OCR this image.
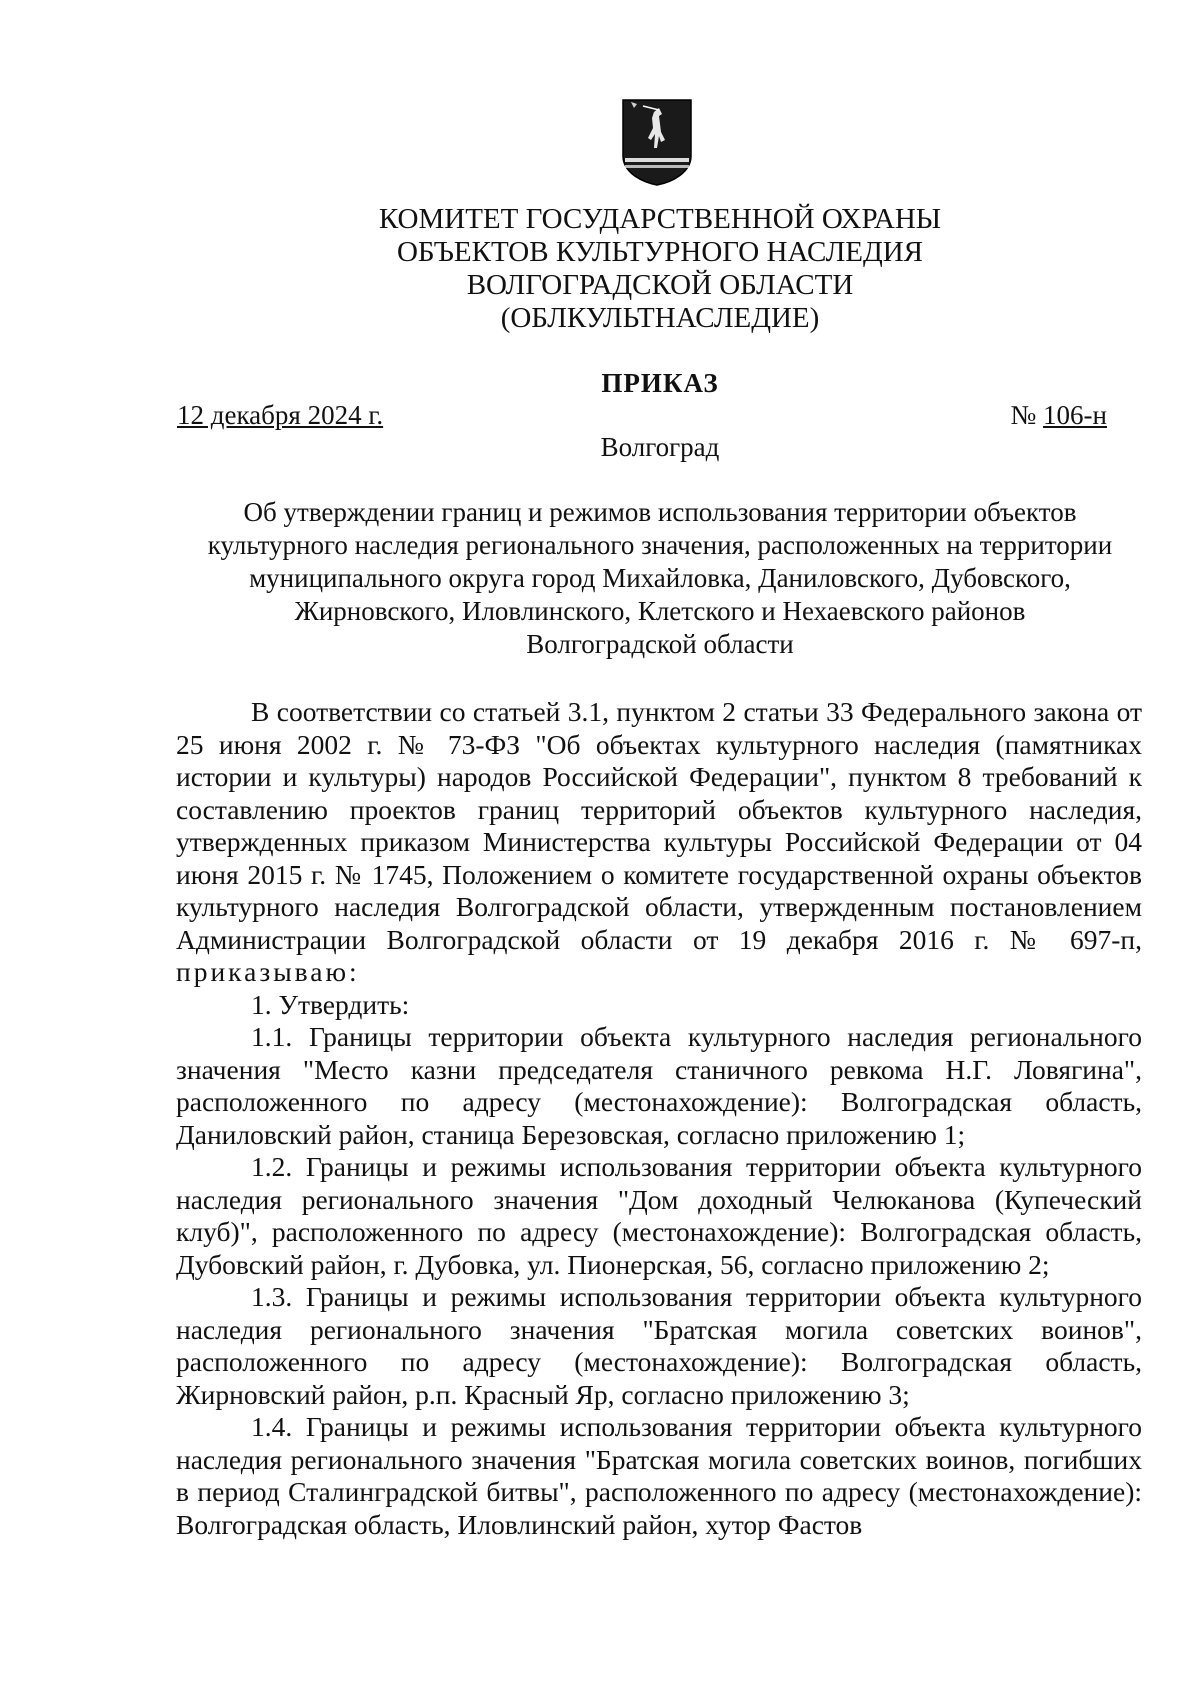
КОМИТЕТ ГОСУДАРСТВЕННОЙ ОХРАНЫ
ОБЪЕКТОВ КУЛЬТУРНОГО НАСЛЕДИЯ
ВОЛГОГРАДСКОЙ ОБЛАСТИ
(ОБЛКУЛЬТНАСЛЕДИЕ)
ПРИКАЗ
12 декабря 2024 г.	№ 106-н
Волгоград
Об утверждении границ и режимов использования территории объектов
культурного наследия регионального значения, расположенных на территории
муниципального округа город Михайловка, Даниловского, Дубовского,
Жирновского, Иловлинского, Клетского и Нехаевского районов
Волгоградской области

В соответствии со статьей 3.1, пунктом 2 статьи 33 Федерального закона от 25 июня 2002 г. № 73-ФЗ "Об объектах культурного наследия (памятниках истории и культуры) народов Российской Федерации", пунктом 8 требований к составлению проектов границ территорий объектов культурного наследия, утвержденных приказом Министерства культуры Российской Федерации от 04 июня 2015 г. № 1745, Положением о комитете государственной охраны объектов культурного наследия Волгоградской области, утвержденным постановлением Администрации Волгоградской области от 19 декабря 2016 г. № 697-п, приказываю:

1. Утвердить:

1.1. Границы территории объекта культурного наследия регионального значения "Место казни председателя станичного ревкома Н.Г. Ловягина", расположенного по адресу (местонахождение): Волгоградская область, Даниловский район, станица Березовская, согласно приложению 1;

1.2. Границы и режимы использования территории объекта культурного наследия регионального значения "Дом доходный Челюканова (Купеческий клуб)", расположенного по адресу (местонахождение): Волгоградская область, Дубовский район, г. Дубовка, ул. Пионерская, 56, согласно приложению 2;

1.3. Границы и режимы использования территории объекта культурного наследия регионального значения "Братская могила советских воинов", расположенного по адресу (местонахождение): Волгоградская область, Жирновский район, р.п. Красный Яр, согласно приложению 3;

1.4. Границы и режимы использования территории объекта культурного наследия регионального значения "Братская могила советских воинов, погибших в период Сталинградской битвы", расположенного по адресу (местонахождение): Волгоградская область, Иловлинский район, хутор Фастов
